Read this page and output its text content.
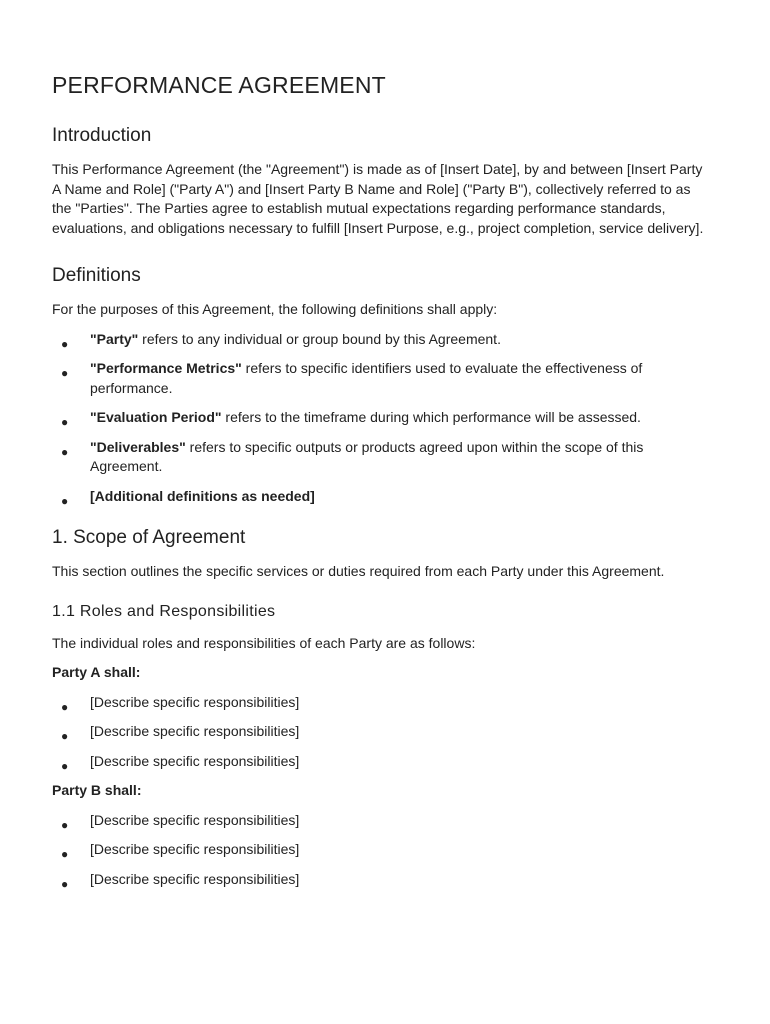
PERFORMANCE AGREEMENT
Introduction

This Performance Agreement (the "Agreement") is made as of [Insert Date], by and between [Insert Party A Name and Role] ("Party A") and [Insert Party B Name and Role] ("Party B"), collectively referred to as the "Parties". The Parties agree to establish mutual expectations regarding performance standards, evaluations, and obligations necessary to fulfill [Insert Purpose, e.g., project completion, service delivery].

Definitions

For the purposes of this Agreement, the following definitions shall apply:

● "Party" refers to any individual or group bound by this Agreement.
● "Performance Metrics" refers to specific identifiers used to evaluate the effectiveness of performance.
● "Evaluation Period" refers to the timeframe during which performance will be assessed.
● "Deliverables" refers to specific outputs or products agreed upon within the scope of this Agreement.
● [Additional definitions as needed]
1. Scope of Agreement

This section outlines the specific services or duties required from each Party under this Agreement.

1.1 Roles and Responsibilities

The individual roles and responsibilities of each Party are as follows:

Party A shall:
● [Describe specific responsibilities]
● [Describe specific responsibilities]
● [Describe specific responsibilities]
Party B shall:
● [Describe specific responsibilities]
● [Describe specific responsibilities]
● [Describe specific responsibilities]
